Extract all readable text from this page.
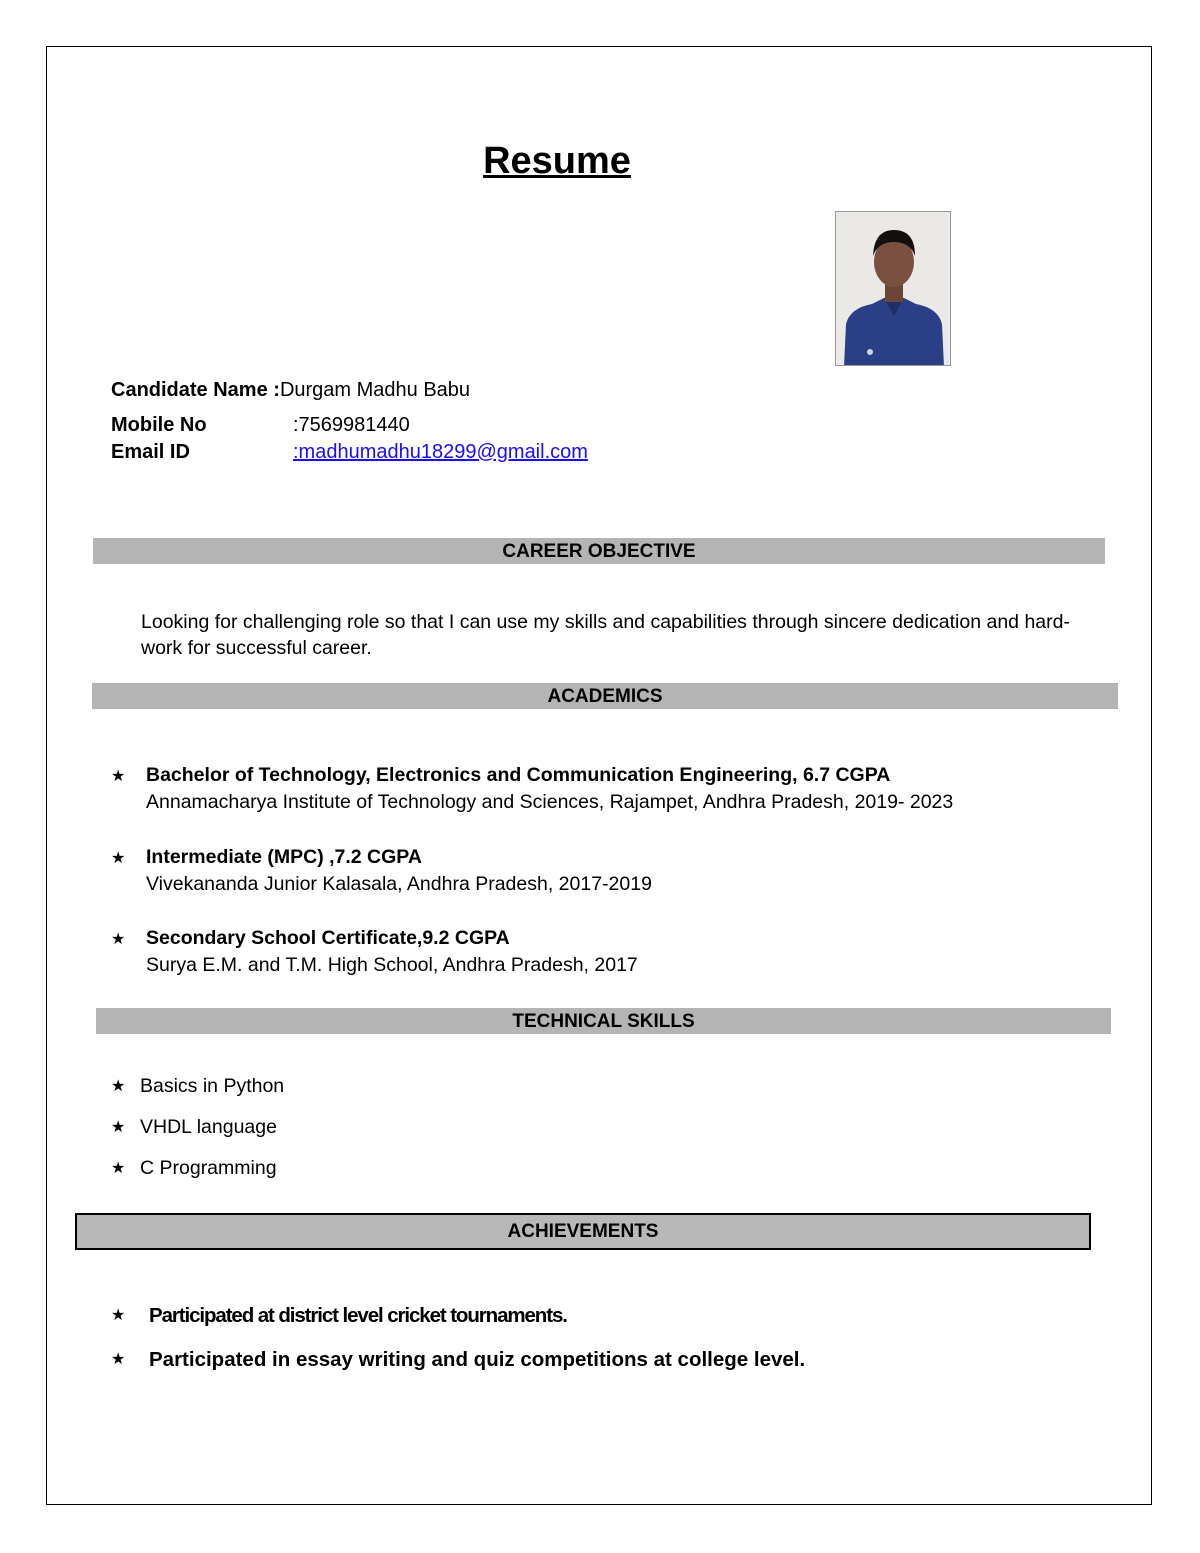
Resume
Candidate Name :Durgam Madhu Babu
Mobile No	:7569981440
Email ID	:madhumadhu18299@gmail.com
CAREER OBJECTIVE
Looking for challenging role so that I can use my skills and capabilities through sincere dedication and hard-work for successful career.
ACADEMICS
★ Bachelor of Technology, Electronics and Communication Engineering, 6.7 CGPA
Annamacharya Institute of Technology and Sciences, Rajampet, Andhra Pradesh, 2019- 2023
★ Intermediate (MPC) ,7.2 CGPA
Vivekananda Junior Kalasala, Andhra Pradesh, 2017-2019
★ Secondary School Certificate,9.2 CGPA
Surya E.M. and T.M. High School, Andhra Pradesh, 2017
TECHNICAL SKILLS
★ Basics in Python
★ VHDL language
★ C Programming
ACHIEVEMENTS
★ Participated at district level cricket tournaments.
★ Participated in essay writing and quiz competitions at college level.
